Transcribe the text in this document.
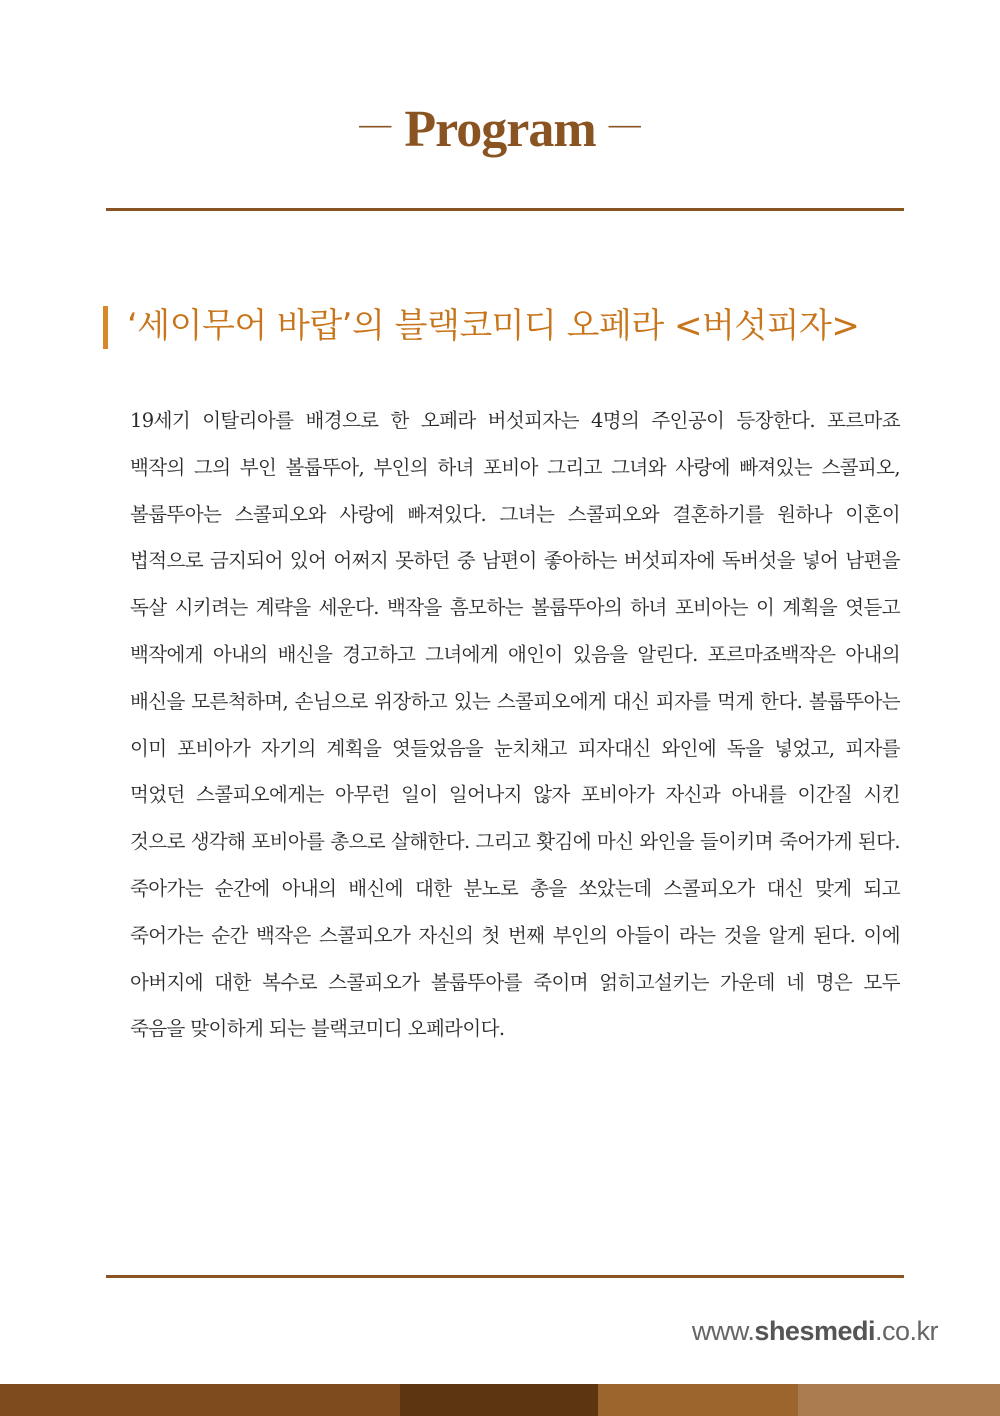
— Program —
‘세이무어 바랍’의 블랙코미디 오페라 <버섯피자>

19세기 이탈리아를 배경으로 한 오페라 버섯피자는 4명의 주인공이 등장한다. 포르마죠 백작의 그의 부인 볼룹뚜아, 부인의 하녀 포비아 그리고 그녀와 사랑에 빠져있는 스콜피오, 볼룹뚜아는 스콜피오와 사랑에 빠져있다. 그녀는 스콜피오와 결혼하기를 원하나 이혼이 법적으로 금지되어 있어 어쩌지 못하던 중 남편이 좋아하는 버섯피자에 독버섯을 넣어 남편을 독살 시키려는 계략을 세운다. 백작을 흠모하는 볼룹뚜아의 하녀 포비아는 이 계획을 엿듣고 백작에게 아내의 배신을 경고하고 그녀에게 애인이 있음을 알린다. 포르마죠백작은 아내의 배신을 모른척하며, 손님으로 위장하고 있는 스콜피오에게 대신 피자를 먹게 한다. 볼룹뚜아는 이미 포비아가 자기의 계획을 엿들었음을 눈치채고 피자대신 와인에 독을 넣었고, 피자를 먹었던 스콜피오에게는 아무런 일이 일어나지 않자 포비아가 자신과 아내를 이간질 시킨 것으로 생각해 포비아를 총으로 살해한다. 그리고 홧김에 마신 와인을 들이키며 죽어가게 된다. 죽아가는 순간에 아내의 배신에 대한 분노로 총을 쏘았는데 스콜피오가 대신 맞게 되고 죽어가는 순간 백작은 스콜피오가 자신의 첫 번째 부인의 아들이 라는 것을 알게 된다. 이에 아버지에 대한 복수로 스콜피오가 볼룹뚜아를 죽이며 얽히고설키는 가운데 네 명은 모두 죽음을 맞이하게 되는 블랙코미디 오페라이다.

www.shesmedi.co.kr
